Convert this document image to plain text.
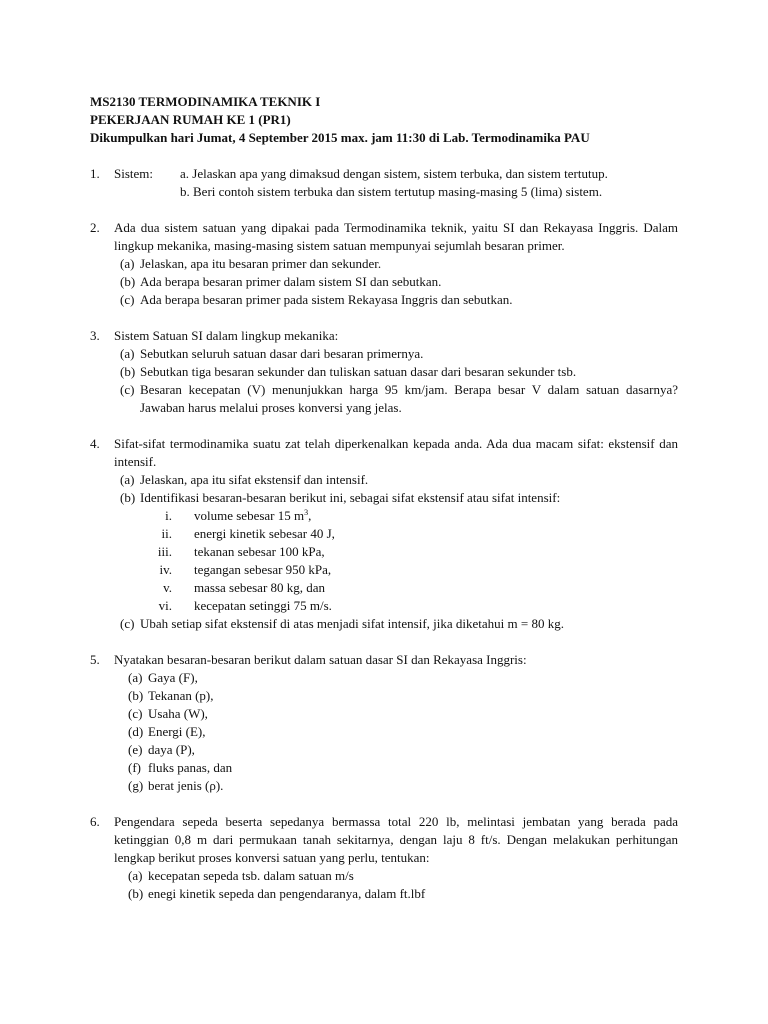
MS2130 TERMODINAMIKA TEKNIK I
PEKERJAAN RUMAH KE 1 (PR1)
Dikumpulkan hari Jumat, 4 September 2015 max. jam 11:30 di Lab. Termodinamika PAU
1. Sistem: a. Jelaskan apa yang dimaksud dengan sistem, sistem terbuka, dan sistem tertutup.
b. Beri contoh sistem terbuka dan sistem tertutup masing-masing 5 (lima) sistem.
2. Ada dua sistem satuan yang dipakai pada Termodinamika teknik, yaitu SI dan Rekayasa Inggris. Dalam lingkup mekanika, masing-masing sistem satuan mempunyai sejumlah besaran primer.
(a) Jelaskan, apa itu besaran primer dan sekunder.
(b) Ada berapa besaran primer dalam sistem SI dan sebutkan.
(c) Ada berapa besaran primer pada sistem Rekayasa Inggris dan sebutkan.
3. Sistem Satuan SI dalam lingkup mekanika:
(a) Sebutkan seluruh satuan dasar dari besaran primernya.
(b) Sebutkan tiga besaran sekunder dan tuliskan satuan dasar dari besaran sekunder tsb.
(c) Besaran kecepatan (V) menunjukkan harga 95 km/jam. Berapa besar V dalam satuan dasarnya? Jawaban harus melalui proses konversi yang jelas.
4. Sifat-sifat termodinamika suatu zat telah diperkenalkan kepada anda. Ada dua macam sifat: ekstensif dan intensif.
(a) Jelaskan, apa itu sifat ekstensif dan intensif.
(b) Identifikasi besaran-besaran berikut ini, sebagai sifat ekstensif atau sifat intensif:
i. volume sebesar 15 $m^3$,
ii. energi kinetik sebesar 40 J,
iii. tekanan sebesar 100 kPa,
iv. tegangan sebesar 950 kPa,
v. massa sebesar 80 kg, dan
vi. kecepatan setinggi 75 m/s.
(c) Ubah setiap sifat ekstensif di atas menjadi sifat intensif, jika diketahui m = 80 kg.
5. Nyatakan besaran-besaran berikut dalam satuan dasar SI dan Rekayasa Inggris:
(a) Gaya (F),
(b) Tekanan (p),
(c) Usaha (W),
(d) Energi (E),
(e) daya (P),
(f) fluks panas, dan
(g) berat jenis (ρ).
6. Pengendara sepeda beserta sepedanya bermassa total 220 lb, melintasi jembatan yang berada pada ketinggian 0,8 m dari permukaan tanah sekitarnya, dengan laju 8 ft/s. Dengan melakukan perhitungan lengkap berikut proses konversi satuan yang perlu, tentukan:
(a) kecepatan sepeda tsb. dalam satuan m/s
(b) enegi kinetik sepeda dan pengendaranya, dalam ft.lbf
